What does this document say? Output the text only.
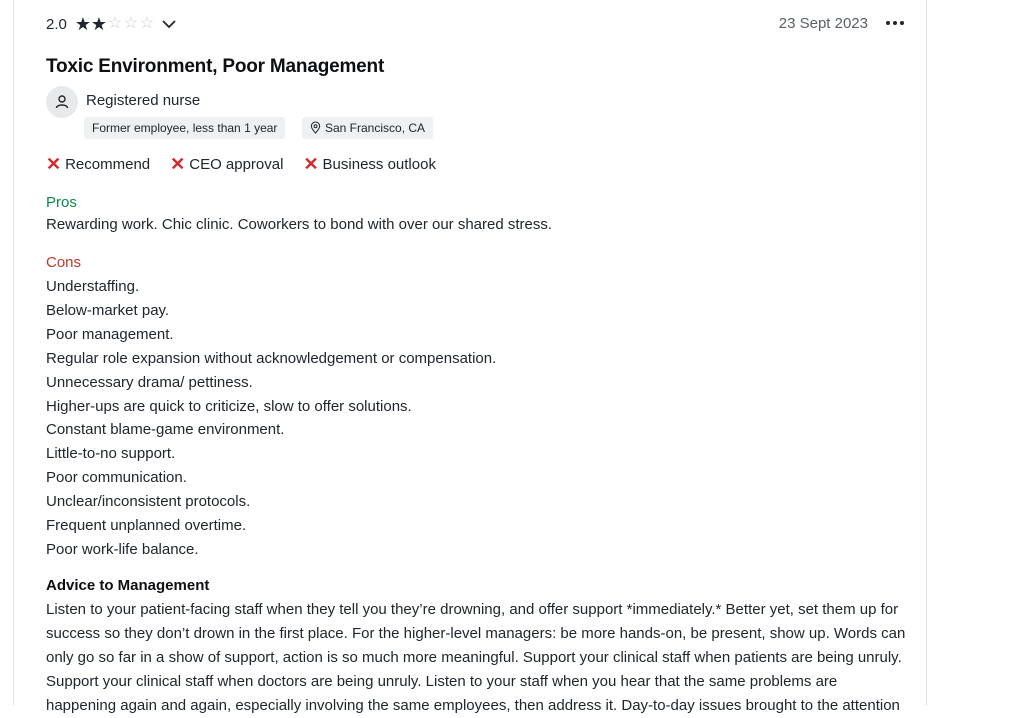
2.0 ★ ★ ☆ ☆ ☆	23 Sept 2023
Toxic Environment, Poor Management
Registered nurse
Former employee, less than 1 year	San Francisco, CA
✕ Recommend ✕ CEO approval ✕ Business outlook
Pros
Rewarding work. Chic clinic. Coworkers to bond with over our shared stress.
Cons
Understaffing.
Below-market pay.
Poor management.
Regular role expansion without acknowledgement or compensation.
Unnecessary drama/ pettiness.
Higher-ups are quick to criticize, slow to offer solutions.
Constant blame-game environment.
Little-to-no support.
Poor communication.
Unclear/inconsistent protocols.
Frequent unplanned overtime.
Poor work-life balance.
Advice to Management
Listen to your patient-facing staff when they tell you they’re drowning, and offer support *immediately.* Better yet, set them up for success so they don’t drown in the first place. For the higher-level managers: be more hands-on, be present, show up. Words can only go so far in a show of support, action is so much more meaningful. Support your clinical staff when patients are being unruly. Support your clinical staff when doctors are being unruly. Listen to your staff when you hear that the same problems are happening again and again, especially involving the same employees, then address it. Day-to-day issues brought to the attention
